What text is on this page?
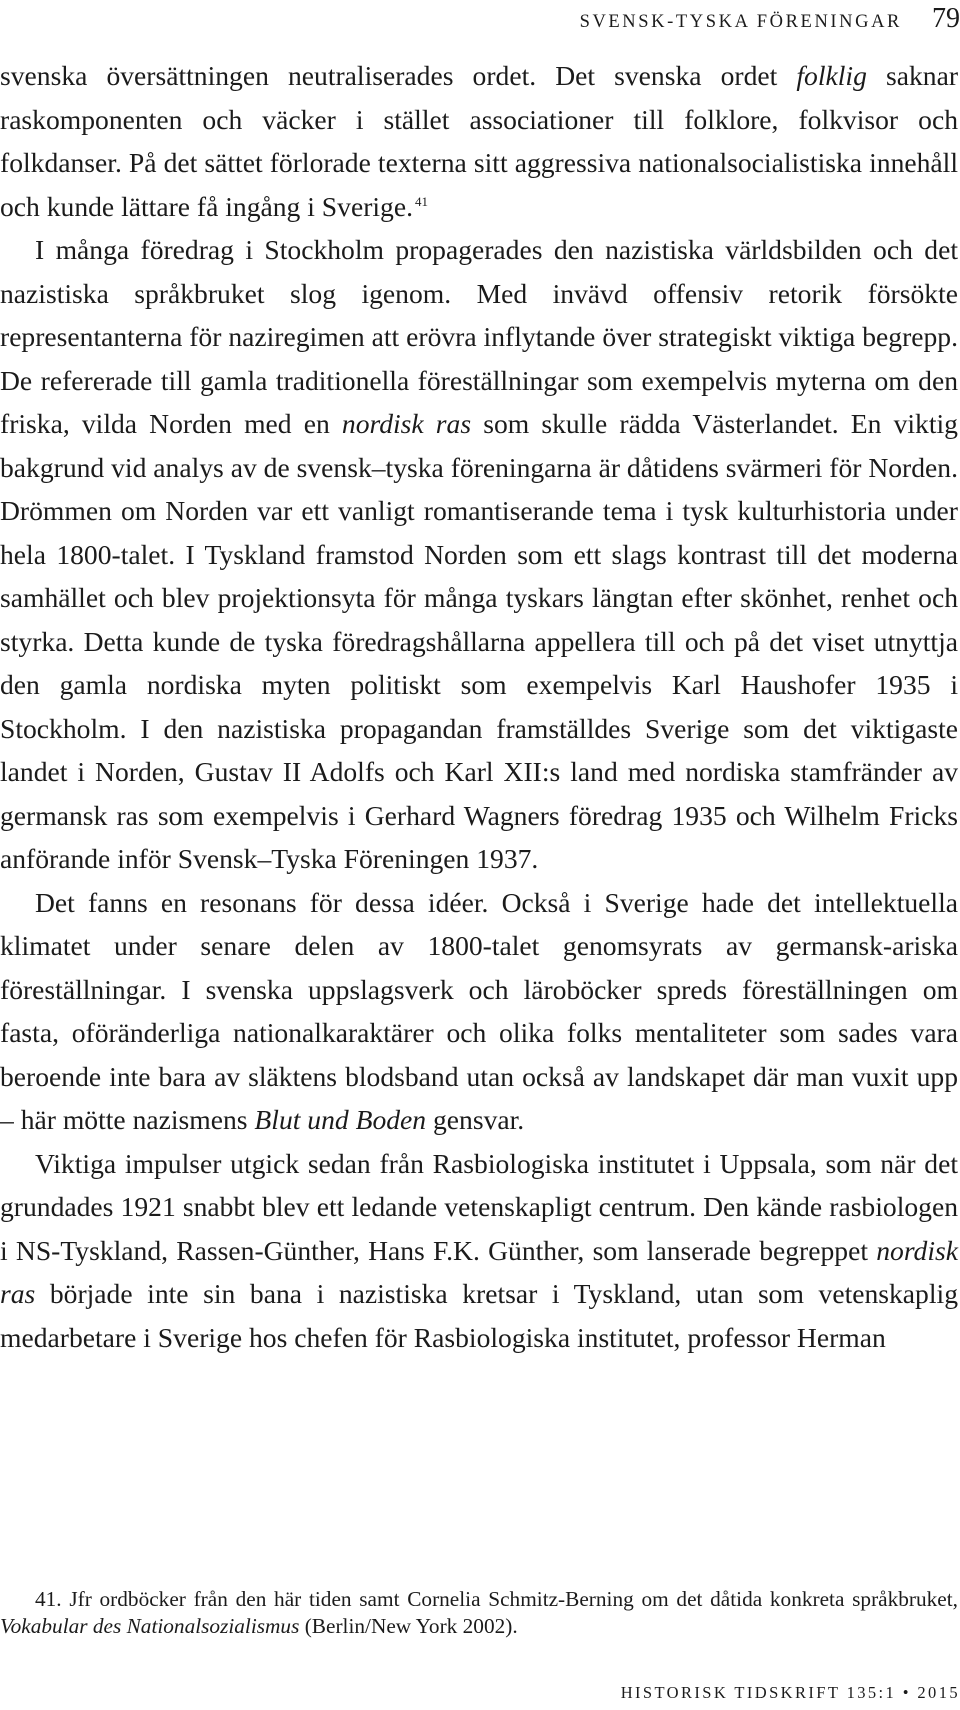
SVENSK-TYSKA FÖRENINGAR 79

svenska översättningen neutraliserades ordet. Det svenska ordet folklig saknar raskomponenten och väcker i stället associationer till folklore, folkvisor och folkdanser. På det sättet förlorade texterna sitt aggressiva nationalsocialistiska innehåll och kunde lättare få ingång i Sverige. $^{41}$

I många föredrag i Stockholm propagerades den nazistiska världsbilden och det nazistiska språkbruket slog igenom. Med invävd offensiv retorik försökte representanterna för naziregimen att erövra inflytande över strategiskt viktiga begrepp. De refererade till gamla traditionella föreställningar som exempelvis myterna om den friska, vilda Norden med en nordisk ras som skulle rädda Västerlandet. En viktig bakgrund vid analys av de svensk–tyska föreningarna är dåtidens svärmeri för Norden. Drömmen om Norden var ett vanligt romantiserande tema i tysk kulturhistoria under hela 1800-talet. I Tyskland framstod Norden som ett slags kontrast till det moderna samhället och blev projektionsyta för många tyskars längtan efter skönhet, renhet och styrka. Detta kunde de tyska föredragshållarna appellera till och på det viset utnyttja den gamla nordiska myten politiskt som exempelvis Karl Haushofer 1935 i Stockholm. I den nazistiska propagandan framställdes Sverige som det viktigaste landet i Norden, Gustav II Adolfs och Karl XII:s land med nordiska stamfränder av germansk ras som exempelvis i Gerhard Wagners föredrag 1935 och Wilhelm Fricks anförande inför Svensk–Tyska Föreningen 1937.

Det fanns en resonans för dessa idéer. Också i Sverige hade det intellektuella klimatet under senare delen av 1800-talet genomsyrats av germansk-ariska föreställningar. I svenska uppslagsverk och läroböcker spreds föreställningen om fasta, oföränderliga nationalkaraktärer och olika folks mentaliteter som sades vara beroende inte bara av släktens blodsband utan också av landskapet där man vuxit upp – här mötte nazismens Blut und Boden gensvar.

Viktiga impulser utgick sedan från Rasbiologiska institutet i Uppsala, som när det grundades 1921 snabbt blev ett ledande vetenskapligt centrum. Den kände rasbiologen i NS-Tyskland, Rassen-Günther, Hans F.K. Günther, som lanserade begreppet nordisk ras började inte sin bana i nazistiska kretsar i Tyskland, utan som vetenskaplig medarbetare i Sverige hos chefen för Rasbiologiska institutet, professor Herman

41. Jfr ordböcker från den här tiden samt Cornelia Schmitz-Berning om det dåtida konkreta språkbruket, Vokabular des Nationalsozialismus (Berlin/New York 2002).
HISTORISK TIDSKRIFT 135:1 • 2015
